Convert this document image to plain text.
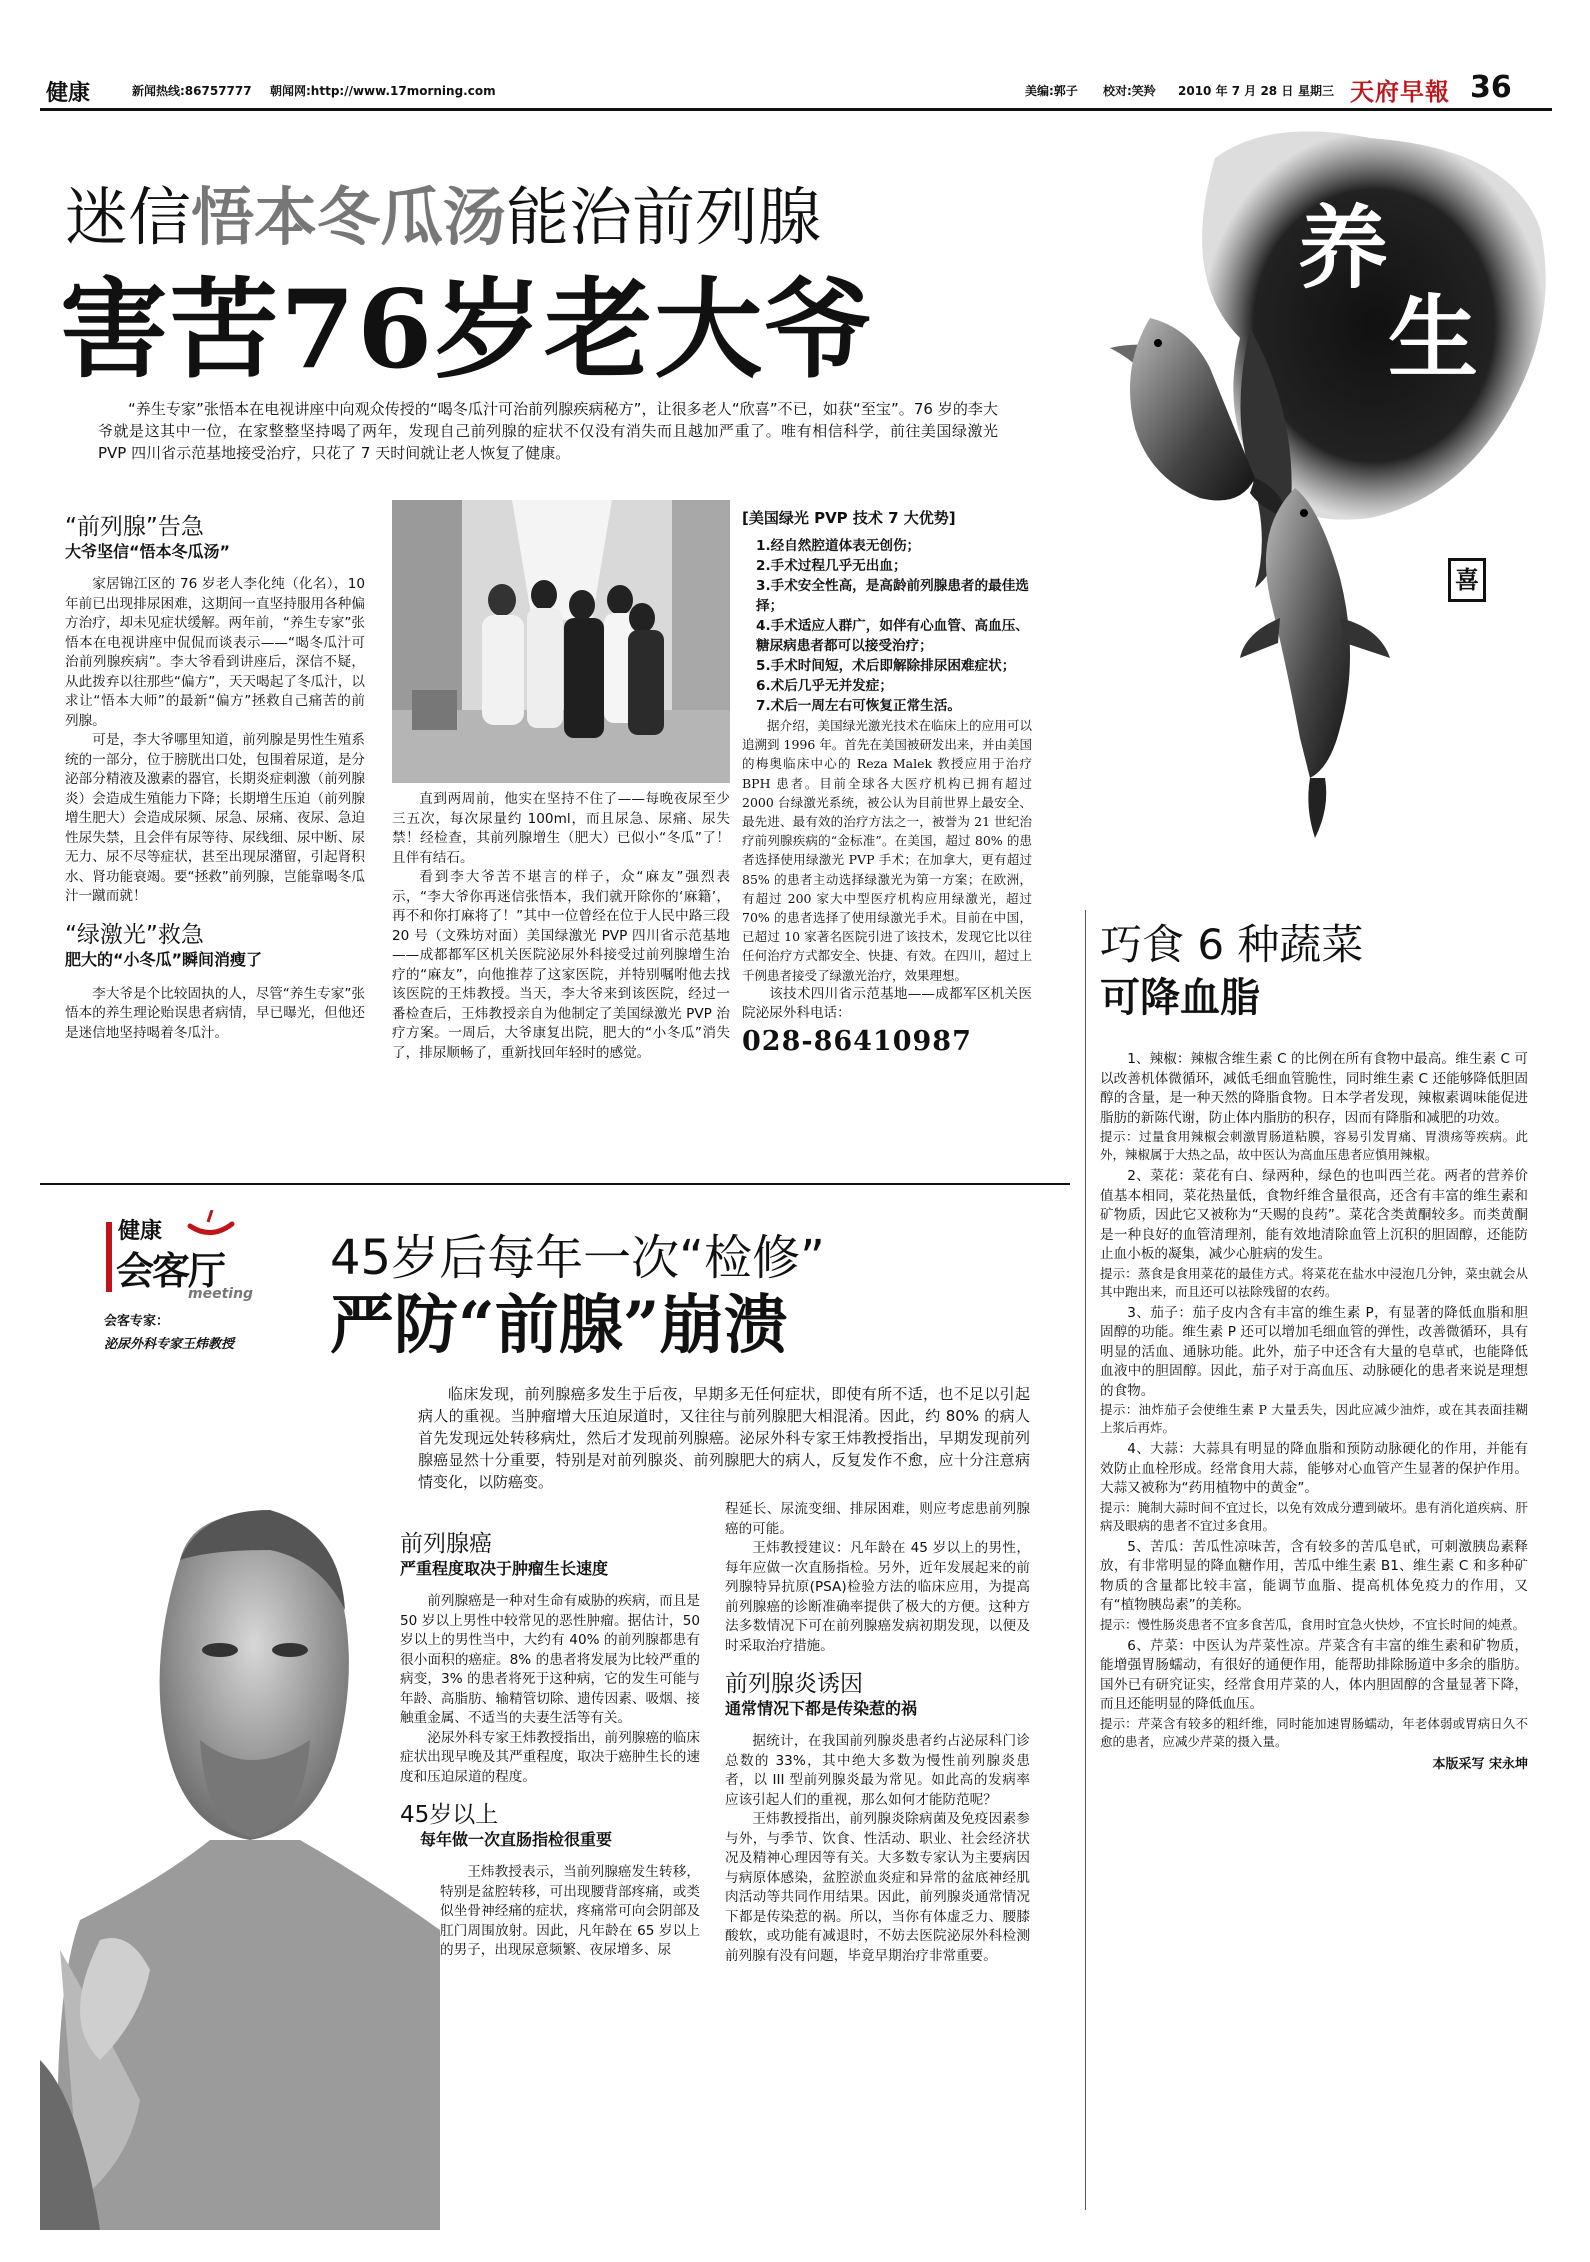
健康	新闻热线:86757777 朝闻网:http://www.17morning.com	美编:郭子 校对:笑羚 2010 年 7 月 28 日 星期三 天府早報 36
养
生
喜
迷信悟本冬瓜汤能治前列腺
害苦76岁老大爷

“养生专家”张悟本在电视讲座中向观众传授的“喝冬瓜汁可治前列腺疾病秘方”，让很多老人“欣喜”不已，如获“至宝”。76 岁的李大爷就是这其中一位，在家整整坚持喝了两年，发现自己前列腺的症状不仅没有消失而且越加严重了。唯有相信科学，前往美国绿激光 PVP 四川省示范基地接受治疗，只花了 7 天时间就让老人恢复了健康。

“前列腺”告急
大爷坚信“悟本冬瓜汤”

家居锦江区的 76 岁老人李化纯（化名），10 年前已出现排尿困难，这期间一直坚持服用各种偏方治疗，却未见症状缓解。两年前，“养生专家”张悟本在电视讲座中侃侃而谈表示——“喝冬瓜汁可治前列腺疾病”。李大爷看到讲座后，深信不疑，从此拨弃以往那些“偏方”，天天喝起了冬瓜汁，以求让“悟本大师”的最新“偏方”拯救自己痛苦的前列腺。

可是，李大爷哪里知道，前列腺是男性生殖系统的一部分，位于膀胱出口处，包围着尿道，是分泌部分精液及激素的器官，长期炎症刺激（前列腺炎）会造成生殖能力下降；长期增生压迫（前列腺增生肥大）会造成尿频、尿急、尿痛、夜尿、急迫性尿失禁，且会伴有尿等待、尿线细、尿中断、尿无力、尿不尽等症状，甚至出现尿潴留，引起肾积水、肾功能衰竭。要“拯救”前列腺，岂能靠喝冬瓜汁一蹴而就！

“绿激光”救急
肥大的“小冬瓜”瞬间消瘦了

李大爷是个比较固执的人，尽管“养生专家”张悟本的养生理论贻误患者病情，早已曝光，但他还是迷信地坚持喝着冬瓜汁。

直到两周前，他实在坚持不住了——每晚夜尿至少三五次，每次尿量约 100ml，而且尿急、尿痛、尿失禁！经检查，其前列腺增生（肥大）已似小“冬瓜”了！且伴有结石。

看到李大爷苦不堪言的样子，众“麻友”强烈表示，“李大爷你再迷信张悟本，我们就开除你的‘麻籍’，再不和你打麻将了！”其中一位曾经在位于人民中路三段 20 号（文殊坊对面）美国绿激光 PVP 四川省示范基地——成都都军区机关医院泌尿外科接受过前列腺增生治疗的“麻友”，向他推荐了这家医院，并特别嘱咐他去找该医院的王炜教授。当天，李大爷来到该医院，经过一番检查后，王炜教授亲自为他制定了美国绿激光 PVP 治疗方案。一周后，大爷康复出院，肥大的“小冬瓜”消失了，排尿顺畅了，重新找回年轻时的感觉。

[美国绿光 PVP 技术 7 大优势]
1.经自然腔道体表无创伤；
2.手术过程几乎无出血；
3.手术安全性高，是高龄前列腺患者的最佳选择；
4.手术适应人群广，如伴有心血管、高血压、糖尿病患者都可以接受治疗；
5.手术时间短，术后即解除排尿困难症状；
6.术后几乎无并发症；
7.术后一周左右可恢复正常生活。

据介绍，美国绿光激光技术在临床上的应用可以追溯到 1996 年。首先在美国被研发出来，并由美国的梅奥临床中心的 Reza Malek 教授应用于治疗 BPH 患者。目前全球各大医疗机构已拥有超过 2000 台绿激光系统，被公认为目前世界上最安全、最先进、最有效的治疗方法之一，被誉为 21 世纪治疗前列腺疾病的“金标准”。在美国，超过 80% 的患者选择使用绿激光 PVP 手术；在加拿大，更有超过 85% 的患者主动选择绿激光为第一方案；在欧洲，有超过 200 家大中型医疗机构应用绿激光，超过 70% 的患者选择了使用绿激光手术。目前在中国，已超过 10 家著名医院引进了该技术，发现它比以往任何治疗方式都安全、快捷、有效。在四川，超过上千例患者接受了绿激光治疗，效果理想。

该技术四川省示范基地——成都军区机关医院泌尿外科电话：

028-86410987
健康
会客厅
meeting
会客专家：
泌尿外科专家王炜教授
45岁后每年一次“检修”
严防“前腺”崩溃

临床发现，前列腺癌多发生于后夜，早期多无任何症状，即使有所不适，也不足以引起病人的重视。当肿瘤增大压迫尿道时，又往往与前列腺肥大相混淆。因此，约 80% 的病人首先发现远处转移病灶，然后才发现前列腺癌。泌尿外科专家王炜教授指出，早期发现前列腺癌显然十分重要，特别是对前列腺炎、前列腺肥大的病人，反复发作不愈，应十分注意病情变化，以防癌变。

前列腺癌
严重程度取决于肿瘤生长速度

前列腺癌是一种对生命有威胁的疾病，而且是 50 岁以上男性中较常见的恶性肿瘤。据估计，50 岁以上的男性当中，大约有 40% 的前列腺都患有很小面积的癌症。8% 的患者将发展为比较严重的病变，3% 的患者将死于这种病，它的发生可能与年龄、高脂肪、输精管切除、遗传因素、吸烟、接触重金属、不适当的夫妻生活等有关。

泌尿外科专家王炜教授指出，前列腺癌的临床症状出现早晚及其严重程度，取决于癌肿生长的速度和压迫尿道的程度。

45岁以上
每年做一次直肠指检很重要

王炜教授表示，当前列腺癌发生转移，特别是盆腔转移，可出现腰背部疼痛，或类似坐骨神经痛的症状，疼痛常可向会阴部及肛门周围放射。因此，凡年龄在 65 岁以上的男子，出现尿意频繁、夜尿增多、尿

程延长、尿流变细、排尿困难，则应考虑患前列腺癌的可能。

王炜教授建议：凡年龄在 45 岁以上的男性，每年应做一次直肠指检。另外，近年发展起来的前列腺特异抗原(PSA)检验方法的临床应用，为提高前列腺癌的诊断准确率提供了极大的方便。这种方法多数情况下可在前列腺癌发病初期发现，以便及时采取治疗措施。

前列腺炎诱因
通常情况下都是传染惹的祸

据统计，在我国前列腺炎患者约占泌尿科门诊总数的 33%，其中绝大多数为慢性前列腺炎患者，以 III 型前列腺炎最为常见。如此高的发病率应该引起人们的重视，那么如何才能防范呢？

王炜教授指出，前列腺炎除病菌及免疫因素参与外，与季节、饮食、性活动、职业、社会经济状况及精神心理因等有关。大多数专家认为主要病因与病原体感染，盆腔淤血炎症和异常的盆底神经肌肉活动等共同作用结果。因此，前列腺炎通常情况下都是传染惹的祸。所以，当你有体虚乏力、腰膝酸软，或功能有减退时，不妨去医院泌尿外科检测前列腺有没有问题，毕竟早期治疗非常重要。

巧食 6 种蔬菜
可降血脂

1、辣椒：辣椒含维生素 C 的比例在所有食物中最高。维生素 C 可以改善机体微循环，减低毛细血管脆性，同时维生素 C 还能够降低胆固醇的含量，是一种天然的降脂食物。日本学者发现，辣椒素调味能促进脂肪的新陈代谢，防止体内脂肪的积存，因而有降脂和减肥的功效。

提示：过量食用辣椒会刺激胃肠道粘膜，容易引发胃痛、胃溃疡等疾病。此外，辣椒属于大热之品，故中医认为高血压患者应慎用辣椒。

2、菜花：菜花有白、绿两种，绿色的也叫西兰花。两者的营养价值基本相同，菜花热量低，食物纤维含量很高，还含有丰富的维生素和矿物质，因此它又被称为“天赐的良药”。菜花含类黄酮较多。而类黄酮是一种良好的血管清理剂，能有效地清除血管上沉积的胆固醇，还能防止血小板的凝集，减少心脏病的发生。

提示：蒸食是食用菜花的最佳方式。将菜花在盐水中浸泡几分钟，菜虫就会从其中跑出来，而且还可以祛除残留的农药。

3、茄子：茄子皮内含有丰富的维生素 P，有显著的降低血脂和胆固醇的功能。维生素 P 还可以增加毛细血管的弹性，改善微循环，具有明显的活血、通脉功能。此外，茄子中还含有大量的皂草甙，也能降低血液中的胆固醇。因此，茄子对于高血压、动脉硬化的患者来说是理想的食物。

提示：油炸茄子会使维生素 P 大量丢失，因此应减少油炸，或在其表面挂糊上浆后再炸。

4、大蒜：大蒜具有明显的降血脂和预防动脉硬化的作用，并能有效防止血栓形成。经常食用大蒜，能够对心血管产生显著的保护作用。大蒜又被称为“药用植物中的黄金”。

提示：腌制大蒜时间不宜过长，以免有效成分遭到破坏。患有消化道疾病、肝病及眼病的患者不宜过多食用。

5、苦瓜：苦瓜性凉味苦，含有较多的苦瓜皂甙，可刺激胰岛素释放，有非常明显的降血糖作用，苦瓜中维生素 B1、维生素 C 和多种矿物质的含量都比较丰富，能调节血脂、提高机体免疫力的作用，又有“植物胰岛素”的美称。

提示：慢性肠炎患者不宜多食苦瓜，食用时宜急火快炒，不宜长时间的炖煮。

6、芹菜：中医认为芹菜性凉。芹菜含有丰富的维生素和矿物质，能增强胃肠蠕动，有很好的通便作用，能帮助排除肠道中多余的脂肪。国外已有研究证实，经常食用芹菜的人，体内胆固醇的含量显著下降，而且还能明显的降低血压。

提示：芹菜含有较多的粗纤维，同时能加速胃肠蠕动，年老体弱或胃病日久不愈的患者，应减少芹菜的摄入量。

本版采写 宋永坤
